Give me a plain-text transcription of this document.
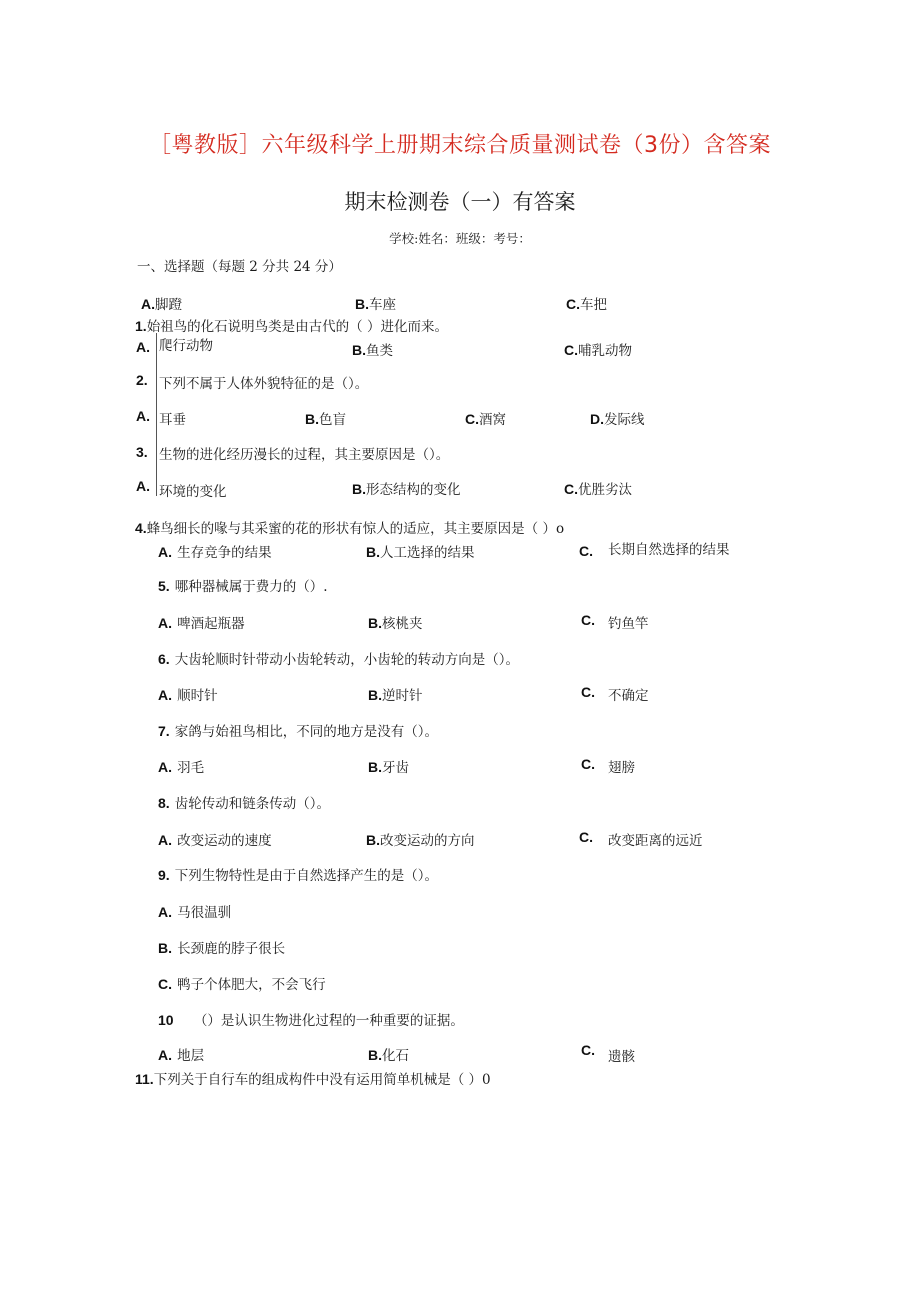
［粤教版］六年级科学上册期末综合质量测试卷（3份）含答案
期末检测卷（一）有答案
学校:姓名：班级：考号：
一、选择题（每题 2 分共 24 分）
A.脚蹬	B.车座	C.车把
1.始祖鸟的化石说明鸟类是由古代的（ ）进化而来。
A. 爬行动物	B.鱼类	C.哺乳动物
2. 下列不属于人体外貌特征的是（）。
A. 耳垂	B.色盲	C.酒窝	D.发际线
3. 生物的进化经历漫长的过程，其主要原因是（）。
A. 环境的变化	B.形态结构的变化	C.优胜劣汰
4.蜂鸟细长的喙与其采蜜的花的形状有惊人的适应，其主要原因是（ ）o
A. 生存竞争的结果	B.人工选择的结果	C. 长期自然选择的结果
5. 哪种器械属于费力的（）.
A. 啤酒起瓶器	B.核桃夹	C. 钓鱼竿
6. 大齿轮顺时针带动小齿轮转动，小齿轮的转动方向是（）。
A. 顺时针	B.逆时针	C. 不确定
7. 家鸽与始祖鸟相比，不同的地方是没有（）。
A. 羽毛	B.牙齿	C. 翅膀
8. 齿轮传动和链条传动（）。
A. 改变运动的速度	B.改变运动的方向	C. 改变距离的远近
9. 下列生物特性是由于自然选择产生的是（）。
A. 马很温驯
B. 长颈鹿的脖子很长
C. 鸭子个体肥大，不会飞行
10 （）是认识生物进化过程的一种重要的证据。
A. 地层	B.化石	C. 遗骸
11.下列关于自行车的组成构件中没有运用简单机械是（ ）0
